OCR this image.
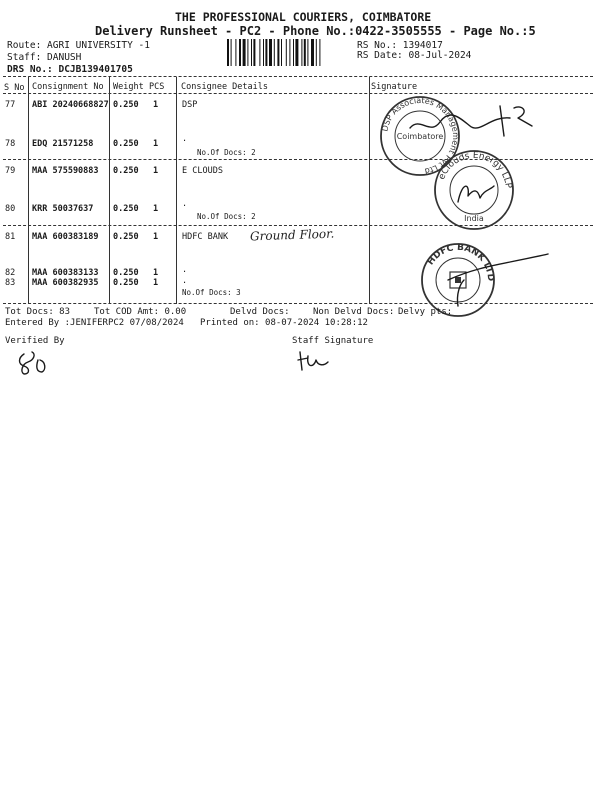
THE PROFESSIONAL COURIERS, COIMBATORE
Delivery Runsheet - PC2 - Phone No.:0422-3505555 - Page No.:5
Route: AGRI UNIVERSITY -1
Staff: DANUSH
DRS No.: DCJB139401705
RS No.: 1394017
RS Date: 08-Jul-2024
S No Consignment No Weight PCS Consignee Details	Signature
77 ABI 20240668827 0.250 1	DSP
78 EDQ 21571258 0.250 1	.
No.Of Docs: 2
79 MAA 575590883 0.250 1	E CLOUDS
80 KRR 50037637 0.250 1	.
No.Of Docs: 2
81 MAA 600383189 0.250 1	HDFC BANK Ground Floor.
82 MAA 600383133 0.250 1	.
83 MAA 600382935 0.250 1	.
No.Of Docs: 3
DSP Associates Management Pvt Ltd
Coimbatore
eClouds Energy LLP
India
HDFC BANK LTD
Tot Docs: 83	Tot COD Amt: 0.00	Delvd Docs:	Non Delvd Docs: Delvy pts:
Entered By :JENIFERPC2 07/08/2024 Printed on: 08-07-2024 10:28:12
Verified By	Staff Signature
